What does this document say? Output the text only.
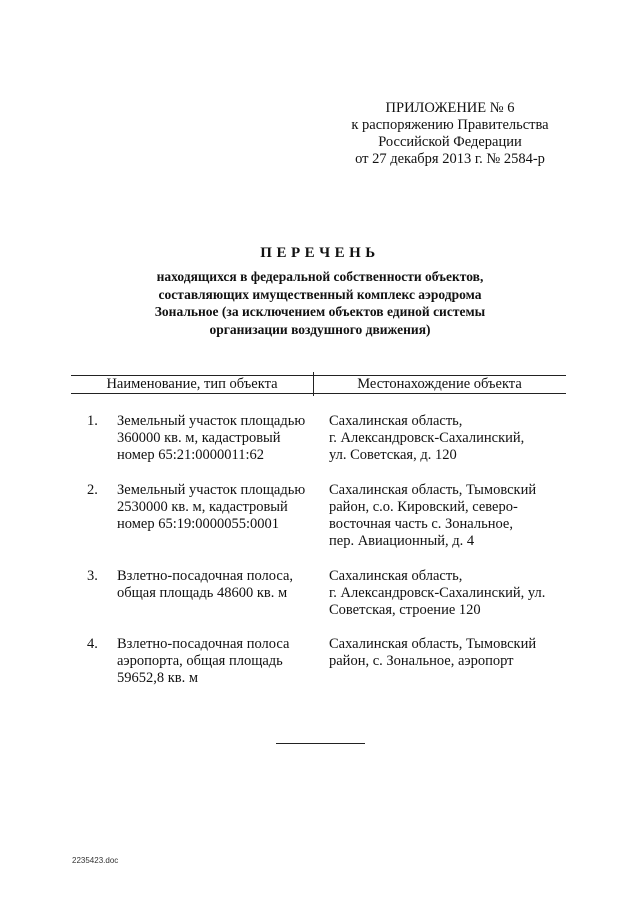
ПРИЛОЖЕНИЕ № 6
к распоряжению Правительства
Российской Федерации
от 27 декабря 2013 г. № 2584-р
ПЕРЕЧЕНЬ
находящихся в федеральной собственности объектов,
составляющих имущественный комплекс аэродрома
Зональное (за исключением объектов единой системы
организации воздушного движения)
Наименование, тип объекта	Местонахождение объекта
1. Земельный участок площадью
360000 кв. м, кадастровый
номер 65:21:0000011:62
Сахалинская область,
г. Александровск-Сахалинский,
ул. Советская, д. 120
2. Земельный участок площадью
2530000 кв. м, кадастровый
номер 65:19:0000055:0001
Сахалинская область, Тымовский
район, с.о. Кировский, северо-
восточная часть с. Зональное,
пер. Авиационный, д. 4
3. Взлетно-посадочная полоса,
общая площадь 48600 кв. м
Сахалинская область,
г. Александровск-Сахалинский, ул.
Советская, строение 120
4. Взлетно-посадочная полоса
аэропорта, общая площадь
59652,8 кв. м
Сахалинская область, Тымовский
район, с. Зональное, аэропорт
2235423.doc
